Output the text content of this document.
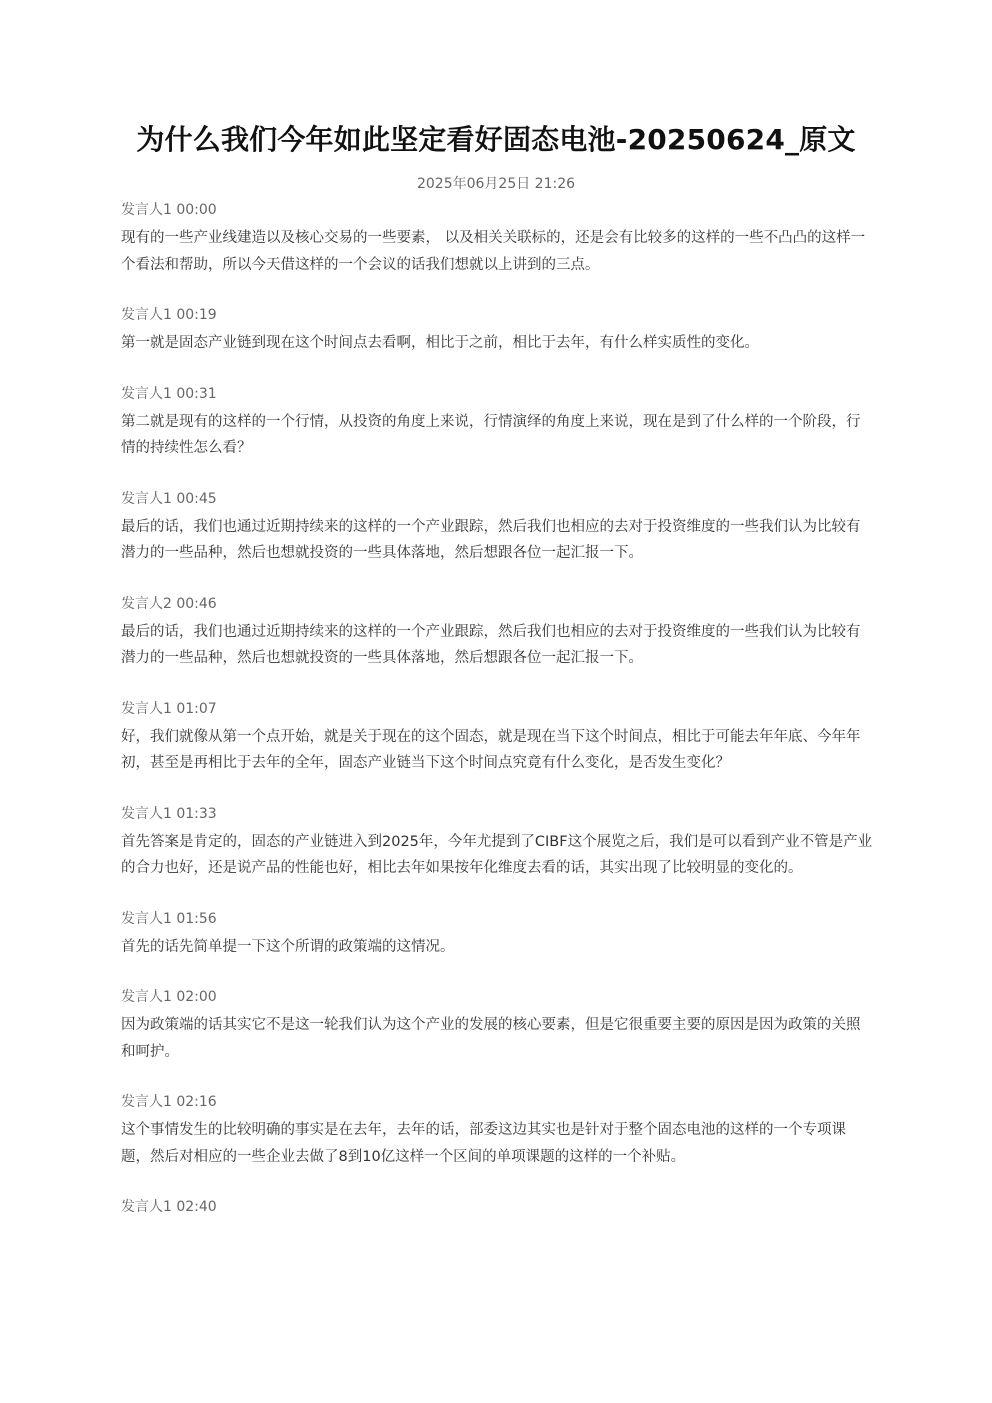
为什么我们今年如此坚定看好固态电池-20250624_原文
2025年06月25日 21:26
发言人1 00:00
现有的一些产业线建造以及核心交易的一些要素， 以及相关关联标的，还是会有比较多的这样的一些不凸凸的这样一个看法和帮助，所以今天借这样的一个会议的话我们想就以上讲到的三点。
发言人1 00:19
第一就是固态产业链到现在这个时间点去看啊，相比于之前，相比于去年，有什么样实质性的变化。
发言人1 00:31
第二就是现有的这样的一个行情，从投资的角度上来说，行情演绎的角度上来说，现在是到了什么样的一个阶段，行情的持续性怎么看？
发言人1 00:45
最后的话，我们也通过近期持续来的这样的一个产业跟踪，然后我们也相应的去对于投资维度的一些我们认为比较有潜力的一些品种，然后也想就投资的一些具体落地，然后想跟各位一起汇报一下。
发言人2 00:46
最后的话，我们也通过近期持续来的这样的一个产业跟踪，然后我们也相应的去对于投资维度的一些我们认为比较有潜力的一些品种，然后也想就投资的一些具体落地，然后想跟各位一起汇报一下。
发言人1 01:07
好，我们就像从第一个点开始，就是关于现在的这个固态，就是现在当下这个时间点，相比于可能去年年底、今年年初，甚至是再相比于去年的全年，固态产业链当下这个时间点究竟有什么变化，是否发生变化？
发言人1 01:33
首先答案是肯定的，固态的产业链进入到2025年，今年尤提到了CIBF这个展览之后，我们是可以看到产业不管是产业的合力也好，还是说产品的性能也好，相比去年如果按年化维度去看的话，其实出现了比较明显的变化的。
发言人1 01:56
首先的话先简单提一下这个所谓的政策端的这情况。
发言人1 02:00
因为政策端的话其实它不是这一轮我们认为这个产业的发展的核心要素，但是它很重要主要的原因是因为政策的关照和呵护。
发言人1 02:16
这个事情发生的比较明确的事实是在去年，去年的话，部委这边其实也是针对于整个固态电池的这样的一个专项课题，然后对相应的一些企业去做了8到10亿这样一个区间的单项课题的这样的一个补贴。
发言人1 02:40
